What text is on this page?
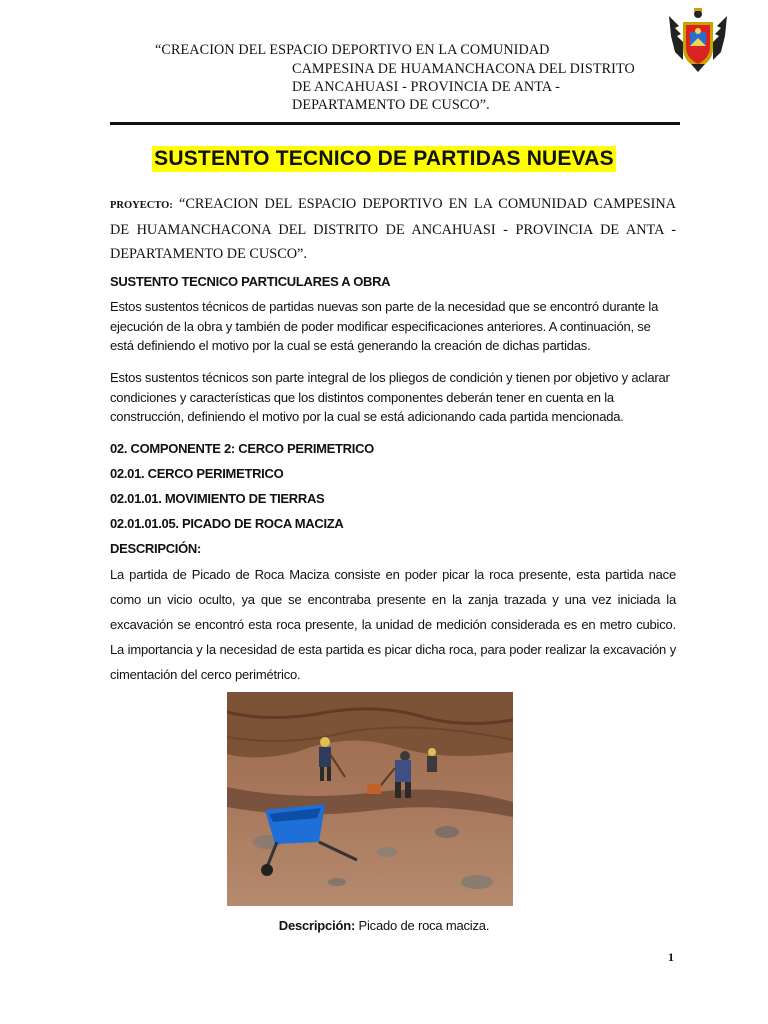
“CREACION DEL ESPACIO DEPORTIVO EN LA COMUNIDAD
CAMPESINA DE HUAMANCHACONA DEL DISTRITO
DE ANCAHUASI - PROVINCIA DE ANTA -
DEPARTAMENTO DE CUSCO”.
SUSTENTO TECNICO DE PARTIDAS NUEVAS
PROYECTO: “CREACION DEL ESPACIO DEPORTIVO EN LA COMUNIDAD CAMPESINA DE HUAMANCHACONA DEL DISTRITO DE ANCAHUASI - PROVINCIA DE ANTA - DEPARTAMENTO DE CUSCO”.
SUSTENTO TECNICO PARTICULARES A OBRA
Estos sustentos técnicos de partidas nuevas son parte de la necesidad que se encontró durante la ejecución de la obra y también de poder modificar especificaciones anteriores. A continuación, se está definiendo el motivo por la cual se está generando la creación de dichas partidas.
Estos sustentos técnicos son parte integral de los pliegos de condición y tienen por objetivo y aclarar condiciones y características que los distintos componentes deberán tener en cuenta en la construcción, definiendo el motivo por la cual se está adicionando cada partida mencionada.
02. COMPONENTE 2: CERCO PERIMETRICO
02.01. CERCO PERIMETRICO
02.01.01. MOVIMIENTO DE TIERRAS
02.01.01.05. PICADO DE ROCA MACIZA
DESCRIPCIÓN:
La partida de Picado de Roca Maciza consiste en poder picar la roca presente, esta partida nace como un vicio oculto, ya que se encontraba presente en la zanja trazada y una vez iniciada la excavación se encontró esta roca presente, la unidad de medición considerada es en metro cubico. La importancia y la necesidad de esta partida es picar dicha roca, para poder realizar la excavación y cimentación del cerco perimétrico.
Descripción: Picado de roca maciza.
1
